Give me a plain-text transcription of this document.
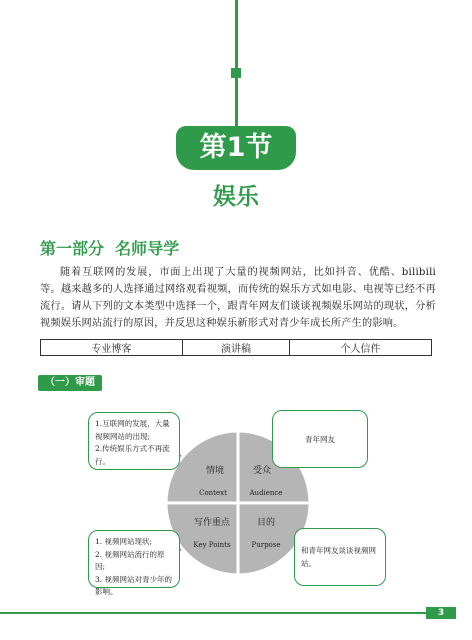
第1节
娱乐
第一部分  名师导学
随着互联网的发展，市面上出现了大量的视频网站，比如抖音、优酷、bilibili 等。越来越多的人选择通过网络观看视频，而传统的娱乐方式如电影、电视等已经不再流行。请从下列的文本类型中选择一个，跟青年网友们谈谈视频娱乐网站的现状，分析视频娱乐网站流行的原因，并反思这种娱乐新形式对青少年成长所产生的影响。
专业博客	演讲稿	个人信件
（一）审题
情境
Context
受众
Audience
写作重点
Key Points
目的
Purpose
1.互联网的发展，大量视频网站的出现;
2.传统娱乐方式不再流行。
青年网友
1. 视频网站现状;
2. 视频网站流行的原因;
3. 视频网站对青少年的影响。
和青年网友谈谈视频网站。
3
